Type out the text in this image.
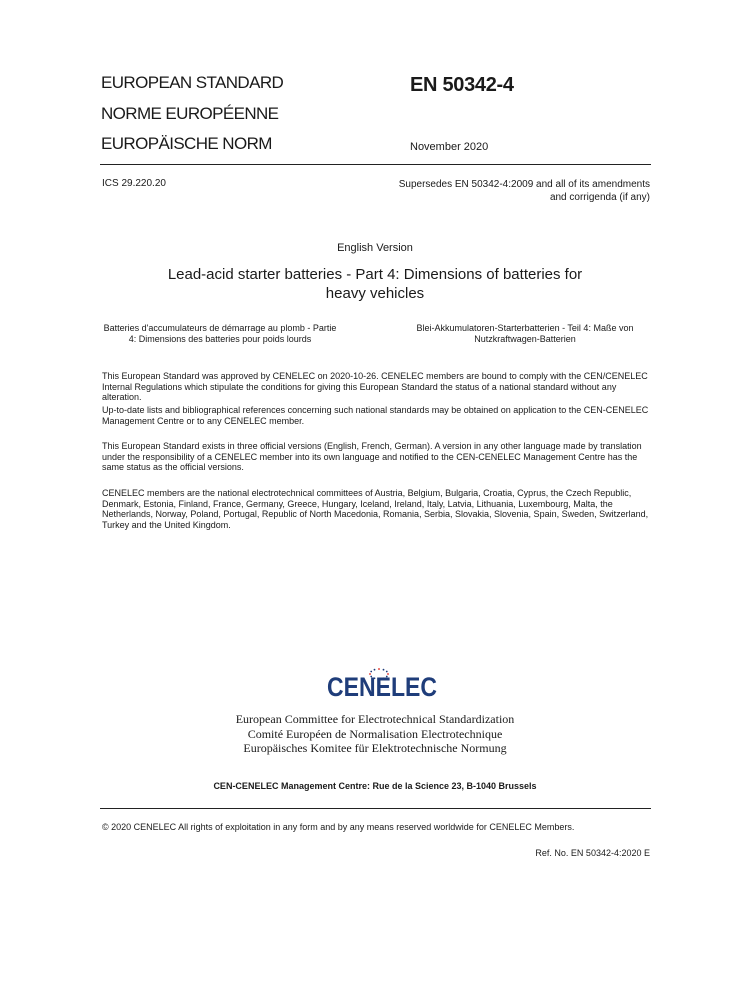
EUROPEAN STANDARD
NORME EUROPÉENNE
EUROPÄISCHE NORM
EN 50342-4
November 2020
ICS 29.220.20	Supersedes EN 50342-4:2009 and all of its amendments
and corrigenda (if any)
English Version
Lead-acid starter batteries - Part 4: Dimensions of batteries for
heavy vehicles
Batteries d'accumulateurs de démarrage au plomb - Partie
4: Dimensions des batteries pour poids lourds
Blei-Akkumulatoren-Starterbatterien - Teil 4: Maße von
Nutzkraftwagen-Batterien
This European Standard was approved by CENELEC on 2020-10-26. CENELEC members are bound to comply with the CEN/CENELEC Internal Regulations which stipulate the conditions for giving this European Standard the status of a national standard without any alteration.
Up-to-date lists and bibliographical references concerning such national standards may be obtained on application to the CEN-CENELEC Management Centre or to any CENELEC member.
This European Standard exists in three official versions (English, French, German). A version in any other language made by translation under the responsibility of a CENELEC member into its own language and notified to the CEN-CENELEC Management Centre has the same status as the official versions.
CENELEC members are the national electrotechnical committees of Austria, Belgium, Bulgaria, Croatia, Cyprus, the Czech Republic, Denmark, Estonia, Finland, France, Germany, Greece, Hungary, Iceland, Ireland, Italy, Latvia, Lithuania, Luxembourg, Malta, the Netherlands, Norway, Poland, Portugal, Republic of North Macedonia, Romania, Serbia, Slovakia, Slovenia, Spain, Sweden, Switzerland, Turkey and the United Kingdom.
CENELEC
European Committee for Electrotechnical Standardization
Comité Européen de Normalisation Electrotechnique
Europäisches Komitee für Elektrotechnische Normung
CEN-CENELEC Management Centre: Rue de la Science 23, B-1040 Brussels
© 2020 CENELEC All rights of exploitation in any form and by any means reserved worldwide for CENELEC Members.
Ref. No. EN 50342-4:2020 E
